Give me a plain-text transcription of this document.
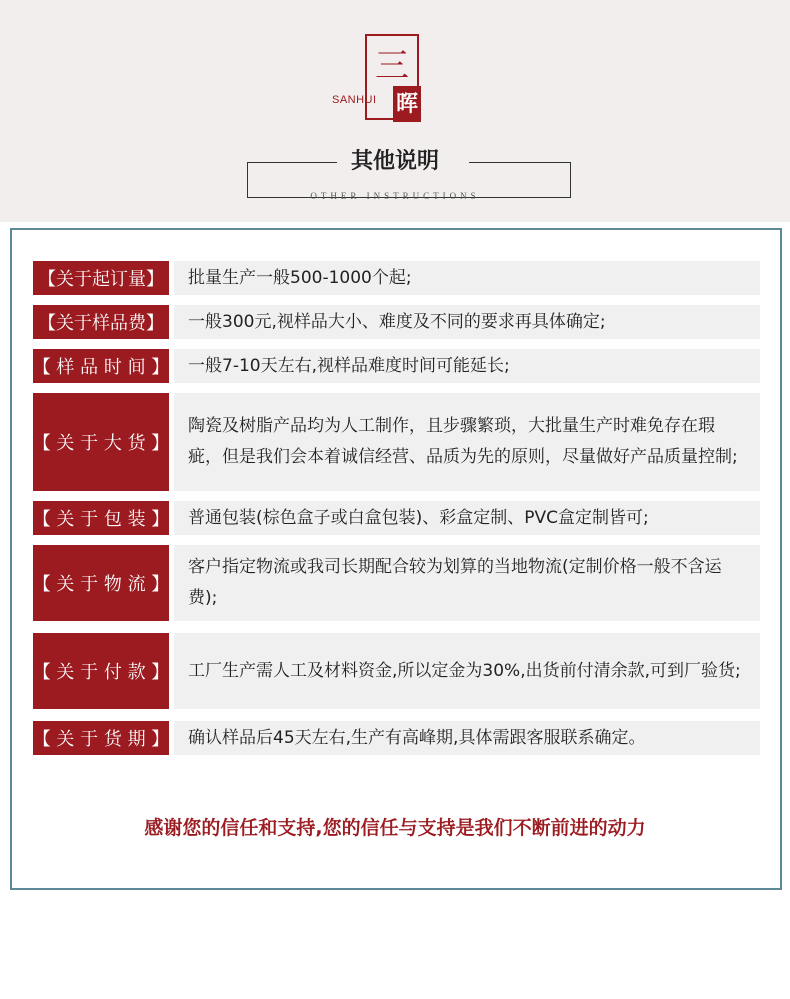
三
晖
SANHUI
其他说明
OTHER INSTRUCTIONS
【关于起订量】	批量生产一般500-1000个起;
【关于样品费】	一般300元,视样品大小、难度及不同的要求再具体确定;
【 样 品 时 间 】	一般7-10天左右,视样品难度时间可能延长;
【 关 于 大 货 】
陶瓷及树脂产品均为人工制作，且步骤繁琐，大批量生产时难免存在瑕疵，但是我们会本着诚信经营、品质为先的原则，尽量做好产品质量控制;
【 关 于 包 装 】	普通包装(棕色盒子或白盒包装)、彩盒定制、PVC盒定制皆可;
【 关 于 物 流 】
客户指定物流或我司长期配合较为划算的当地物流(定制价格一般不含运费);
【 关 于 付 款 】	工厂生产需人工及材料资金,所以定金为30%,出货前付清余款,可到厂验货;
【 关 于 货 期 】	确认样品后45天左右,生产有高峰期,具体需跟客服联系确定。
感谢您的信任和支持,您的信任与支持是我们不断前进的动力
